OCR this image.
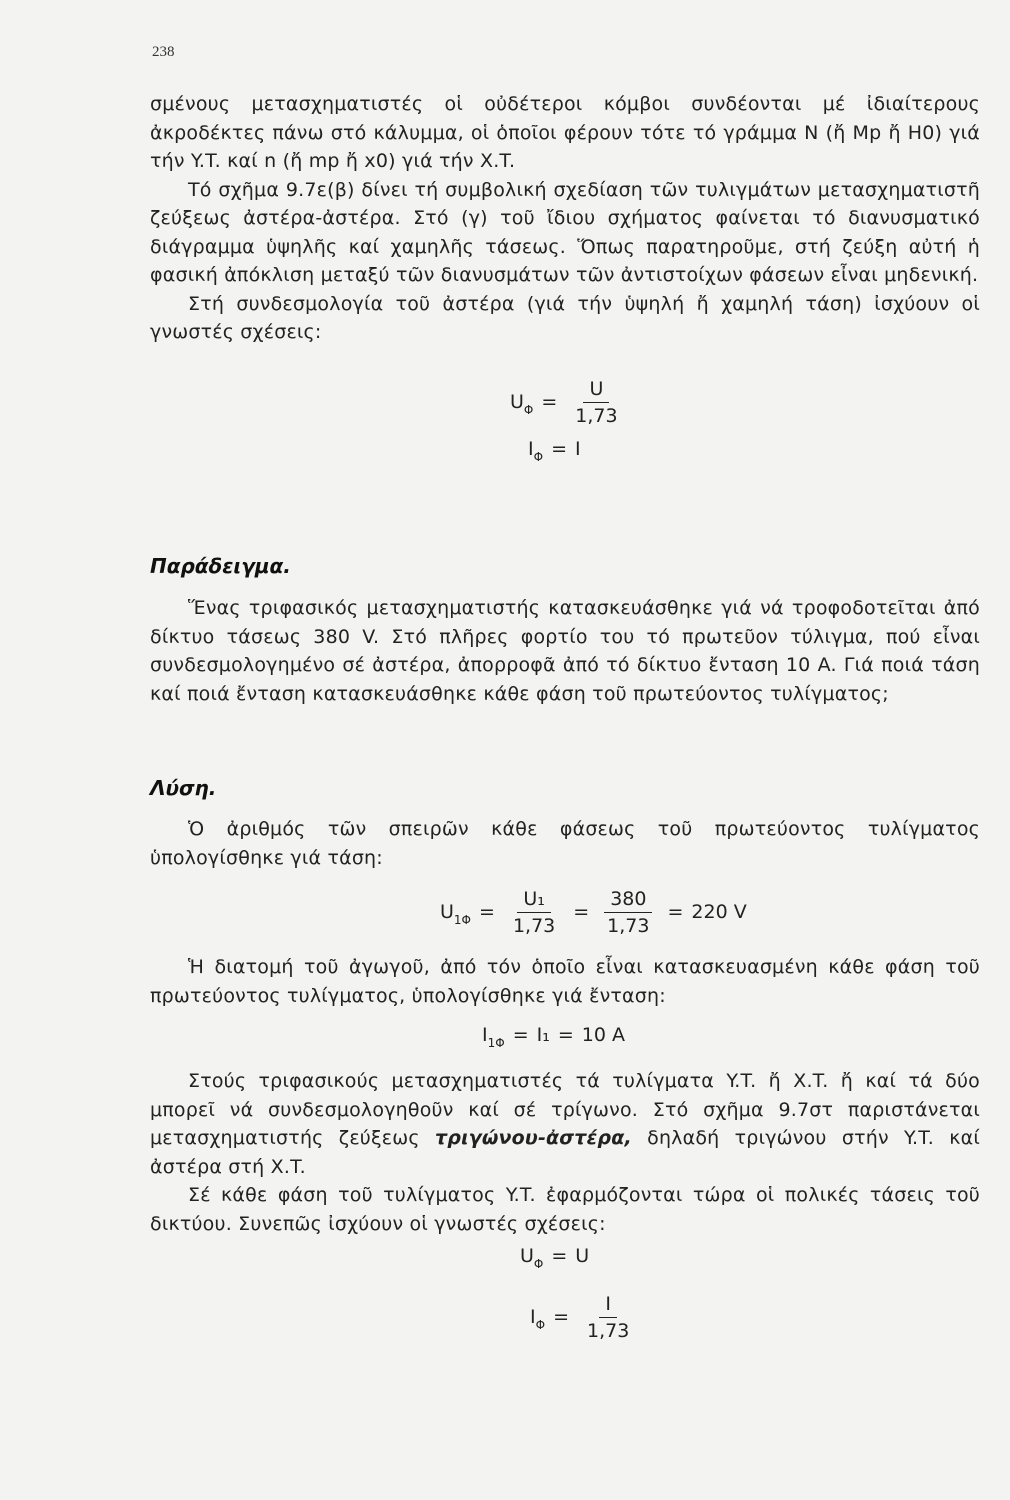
238

σμένους μετασχηματιστές οἱ οὐδέτεροι κόμβοι συνδέονται μέ ἰδιαίτερους ἀκροδέκτες πάνω στό κάλυμμα, οἱ ὁποῖοι φέρουν τότε τό γράμμα N (ἤ Mp ἤ H0) γιά τήν Y.T. καί n (ἤ mp ἤ x0) γιά τήν X.T.

Τό σχῆμα 9.7ε(β) δίνει τή συμβολική σχεδίαση τῶν τυλιγμάτων μετασχηματιστῆ ζεύξεως ἀστέρα-ἀστέρα. Στό (γ) τοῦ ἴδιου σχήματος φαίνεται τό διανυσματικό διάγραμμα ὑψηλῆς καί χαμηλῆς τάσεως. Ὅπως παρατηροῦμε, στή ζεύξη αὐτή ἡ φασική ἀπόκλιση μεταξύ τῶν διανυσμάτων τῶν ἀντιστοίχων φάσεων εἶναι μηδενική.

Στή συνδεσμολογία τοῦ ἀστέρα (γιά τήν ὑψηλή ἤ χαμηλή τάση) ἰσχύουν οἱ γνωστές σχέσεις:

$U_\Phi = \frac{U}{1,73}$
$I_\Phi = I$
Παράδειγμα.

Ἕνας τριφασικός μετασχηματιστής κατασκευάσθηκε γιά νά τροφοδοτεῖται ἀπό δίκτυο τάσεως 380 V. Στό πλῆρες φορτίο του τό πρωτεῦον τύλιγμα, πού εἶναι συνδεσμολογημένο σέ ἀστέρα, ἀπορροφᾶ ἀπό τό δίκτυο ἔνταση 10 A. Γιά ποιά τάση καί ποιά ἔνταση κατασκευάσθηκε κάθε φάση τοῦ πρωτεύοντος τυλίγματος;

Λύση.

Ὁ ἀριθμός τῶν σπειρῶν κάθε φάσεως τοῦ πρωτεύοντος τυλίγματος ὑπολογίσθηκε γιά τάση:

$U_{1\Phi} = \frac{\text{U₁}}{1,73} = \frac{380}{1,73} = 220$ V

Ἡ διατομή τοῦ ἀγωγοῦ, ἀπό τόν ὁποῖο εἶναι κατασκευασμένη κάθε φάση τοῦ πρωτεύοντος τυλίγματος, ὑπολογίσθηκε γιά ἔνταση:

$I_{1\Phi} = I_1 = 10$ A

Στούς τριφασικούς μετασχηματιστές τά τυλίγματα Y.T. ἤ X.T. ἤ καί τά δύο μπορεῖ νά συνδεσμολογηθοῦν καί σέ τρίγωνο. Στό σχῆμα 9.7στ παριστάνεται μετασχηματιστής ζεύξεως τριγώνου-ἀστέρα, δηλαδή τριγώνου στήν Y.T. καί ἀστέρα στή X.T.

Σέ κάθε φάση τοῦ τυλίγματος Y.T. ἐφαρμόζονται τώρα οἱ πολικές τάσεις τοῦ δικτύου. Συνεπῶς ἰσχύουν οἱ γνωστές σχέσεις:

$U_\Phi = U$
$I_\Phi = \frac{I}{1,73}$
